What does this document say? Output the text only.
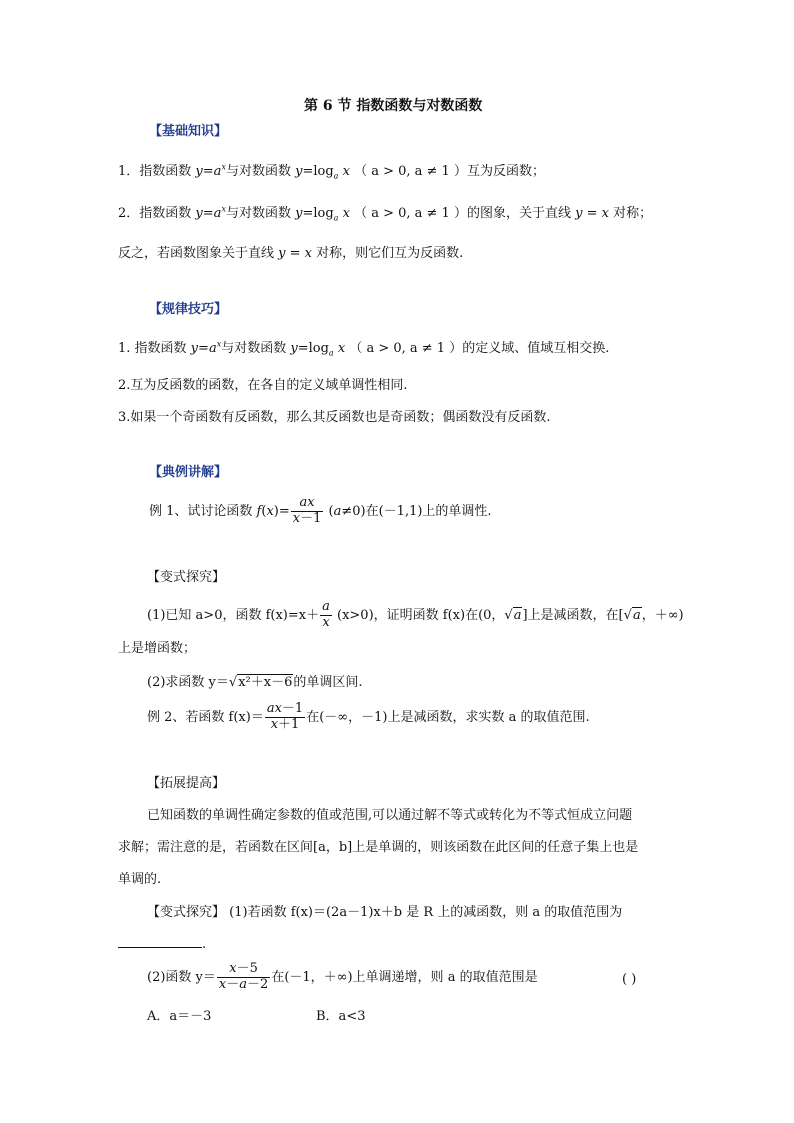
第 6 节 指数函数与对数函数
【基础知识】
1．指数函数 $y=a^x$与对数函数 $y=\log_a$ x （ a > 0, a ≠ 1 ）互为反函数；
2．指数函数 $y=a^x$与对数函数 $y=\log_a$ x （ a > 0, a ≠ 1 ）的图象，关于直线 y = x 对称；
反之，若函数图象关于直线 y = x 对称，则它们互为反函数.
【规律技巧】
1. 指数函数 $y=a^x$与对数函数 $y=\log_a$ x （ a > 0, a ≠ 1 ）的定义域、值域互相交换.
2.互为反函数的函数，在各自的定义域单调性相同.
3.如果一个奇函数有反函数，那么其反函数也是奇函数；偶函数没有反函数.
【典例讲解】
例 1、试讨论函数 $f(x)= \frac{ax}{x-1} (a\ne 0)$在(－1,1)上的单调性.
【变式探究】
(1)已知 a>0，函数 $f(x)=x+ \frac{a}{x} (x>0)$，证明函数 f(x)在(0，√a]上是减函数，在[√a，＋∞)
上是增函数；
(2)求函数 y＝√x²＋x－6的单调区间.
例 2、若函数 $f(x)= \frac{ax-1}{x+1}$ 在(－∞，－1)上是减函数，求实数 a 的取值范围.
【拓展提高】
已知函数的单调性确定参数的值或范围,可以通过解不等式或转化为不等式恒成立问题
求解；需注意的是，若函数在区间[a，b]上是单调的，则该函数在此区间的任意子集上也是
单调的.
【变式探究】 (1)若函数 f(x)＝(2a－1)x＋b 是 R 上的减函数，则 a 的取值范围为
.
(2)函数 $y= \frac{x-5}{x-a-2}$ 在(－1，＋∞)上单调递增，则 a 的取值范围是	( )
A．a＝－3	B．a<3
